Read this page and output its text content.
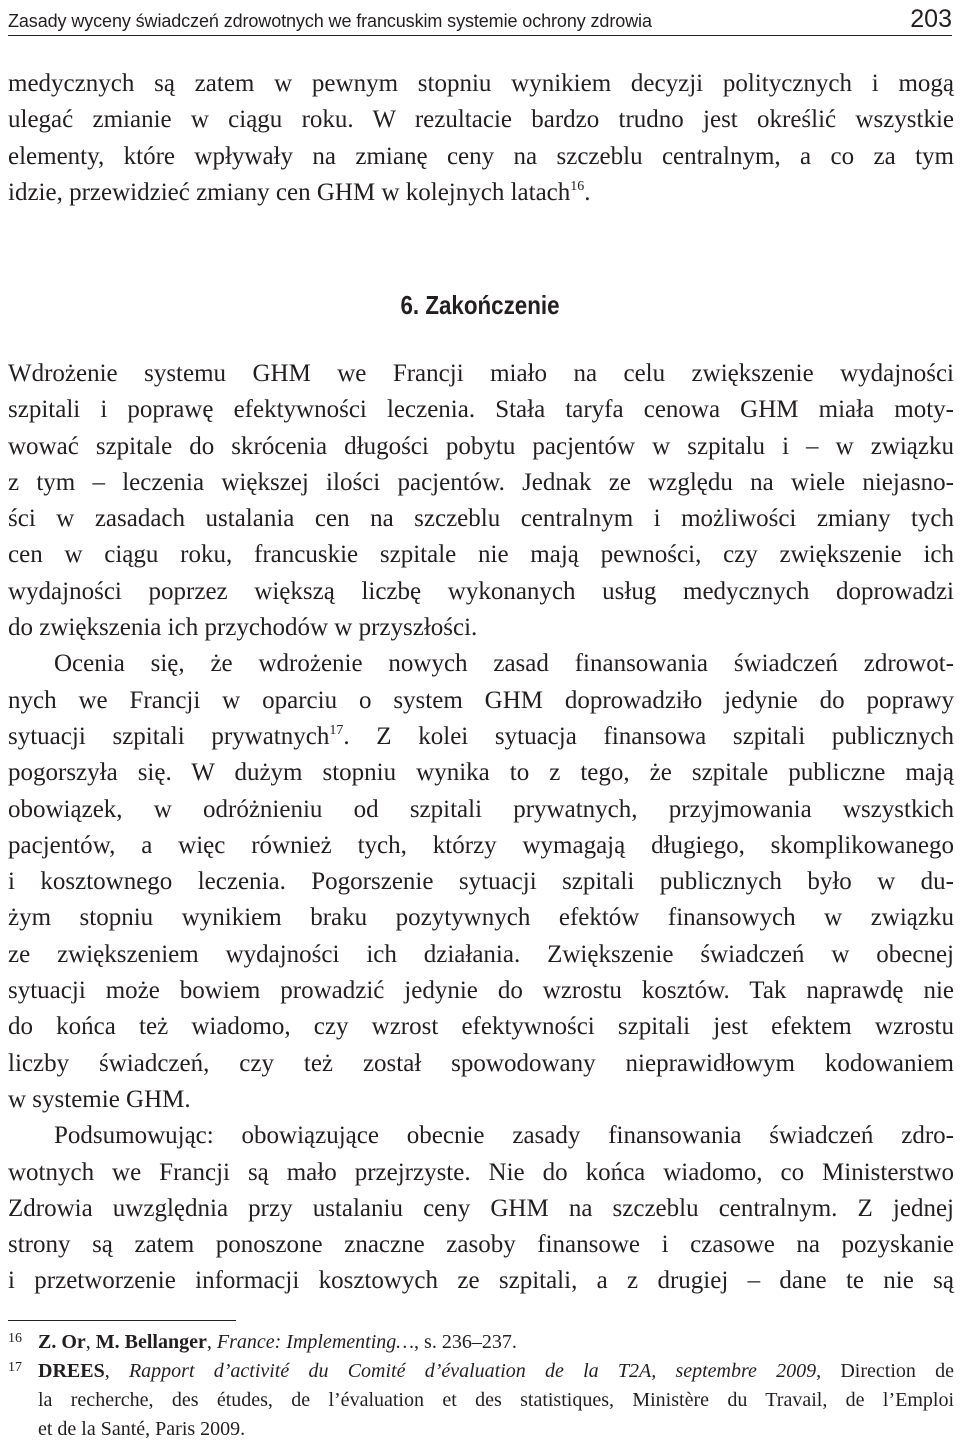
Zasady wyceny świadczeń zdrowotnych we francuskim systemie ochrony zdrowia	203
medycznych są zatem w pewnym stopniu wynikiem decyzji politycznych i mogą
ulegać zmianie w ciągu roku. W rezultacie bardzo trudno jest określić wszystkie
elementy, które wpływały na zmianę ceny na szczeblu centralnym, a co za tym
idzie, przewidzieć zmiany cen GHM w kolejnych latach$^{16}$.
6. Zakończenie
Wdrożenie systemu GHM we Francji miało na celu zwiększenie wydajności
szpitali i poprawę efektywności leczenia. Stała taryfa cenowa GHM miała moty-
wować szpitale do skrócenia długości pobytu pacjentów w szpitalu i – w związku
z tym – leczenia większej ilości pacjentów. Jednak ze względu na wiele niejasno-
ści w zasadach ustalania cen na szczeblu centralnym i możliwości zmiany tych
cen w ciągu roku, francuskie szpitale nie mają pewności, czy zwiększenie ich
wydajności poprzez większą liczbę wykonanych usług medycznych doprowadzi
do zwiększenia ich przychodów w przyszłości.
Ocenia się, że wdrożenie nowych zasad finansowania świadczeń zdrowot-
nych we Francji w oparciu o system GHM doprowadziło jedynie do poprawy
sytuacji szpitali prywatnych$^{17}$. Z kolei sytuacja finansowa szpitali publicznych
pogorszyła się. W dużym stopniu wynika to z tego, że szpitale publiczne mają
obowiązek, w odróżnieniu od szpitali prywatnych, przyjmowania wszystkich
pacjentów, a więc również tych, którzy wymagają długiego, skomplikowanego
i kosztownego leczenia. Pogorszenie sytuacji szpitali publicznych było w du-
żym stopniu wynikiem braku pozytywnych efektów finansowych w związku
ze zwiększeniem wydajności ich działania. Zwiększenie świadczeń w obecnej
sytuacji może bowiem prowadzić jedynie do wzrostu kosztów. Tak naprawdę nie
do końca też wiadomo, czy wzrost efektywności szpitali jest efektem wzrostu
liczby świadczeń, czy też został spowodowany nieprawidłowym kodowaniem
w systemie GHM.
Podsumowując: obowiązujące obecnie zasady finansowania świadczeń zdro-
wotnych we Francji są mało przejrzyste. Nie do końca wiadomo, co Ministerstwo
Zdrowia uwzględnia przy ustalaniu ceny GHM na szczeblu centralnym. Z jednej
strony są zatem ponoszone znaczne zasoby finansowe i czasowe na pozyskanie
i przetworzenie informacji kosztowych ze szpitali, a z drugiej – dane te nie są
16 Z. Or, M. Bellanger, France: Implementing…, s. 236–237.
17 DREES, Rapport d’activité du Comité d’évaluation de la T2A, septembre 2009, Direction de
la recherche, des études, de l’évaluation et des statistiques, Ministère du Travail, de l’Emploi
et de la Santé, Paris 2009.
